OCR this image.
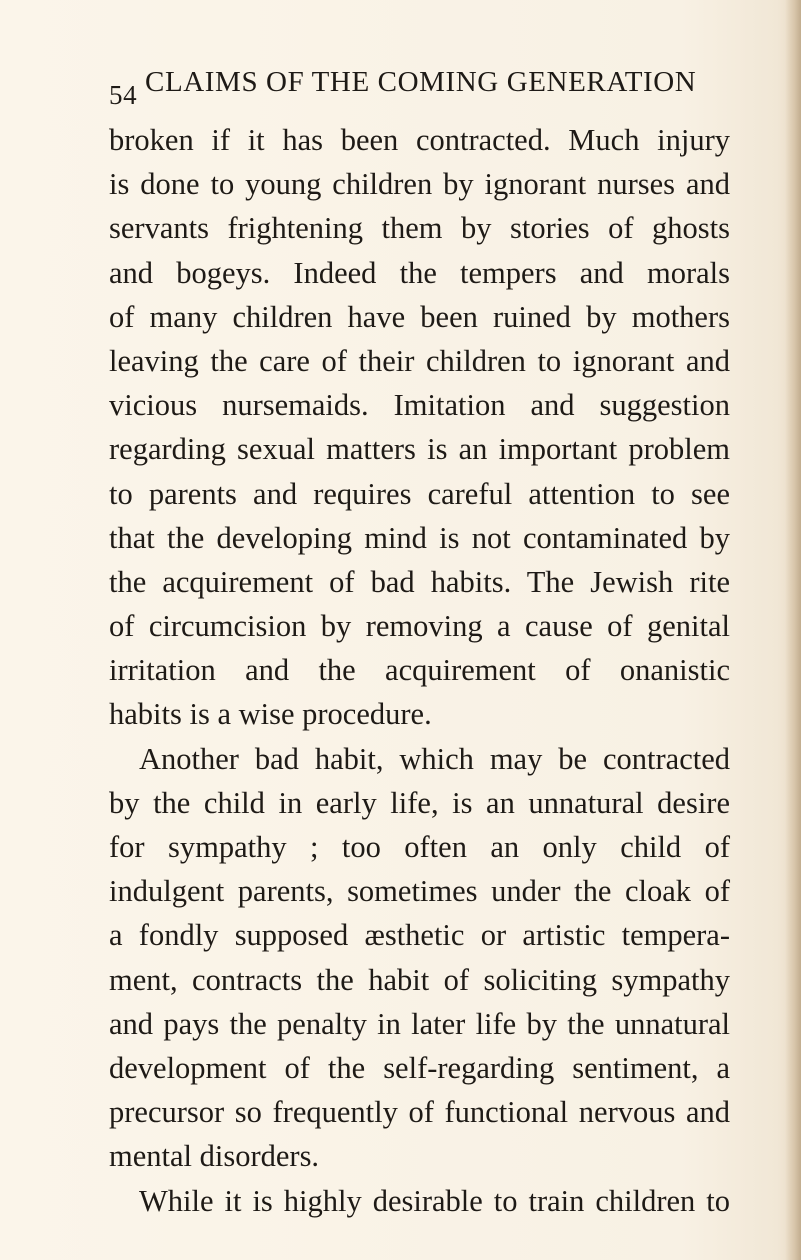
54 CLAIMS OF THE COMING GENERATION
broken if it has been contracted. Much injury
is done to young children by ignorant nurses and
servants frightening them by stories of ghosts
and bogeys. Indeed the tempers and morals
of many children have been ruined by mothers
leaving the care of their children to ignorant and
vicious nursemaids. Imitation and suggestion
regarding sexual matters is an important problem
to parents and requires careful attention to see
that the developing mind is not contaminated by
the acquirement of bad habits. The Jewish rite
of circumcision by removing a cause of genital
irritation and the acquirement of onanistic
habits is a wise procedure.
Another bad habit, which may be contracted
by the child in early life, is an unnatural desire
for sympathy ; too often an only child of
indulgent parents, sometimes under the cloak of
a fondly supposed æsthetic or artistic tempera-
ment, contracts the habit of soliciting sympathy
and pays the penalty in later life by the unnatural
development of the self-regarding sentiment, a
precursor so frequently of functional nervous and
mental disorders.
While it is highly desirable to train children to
